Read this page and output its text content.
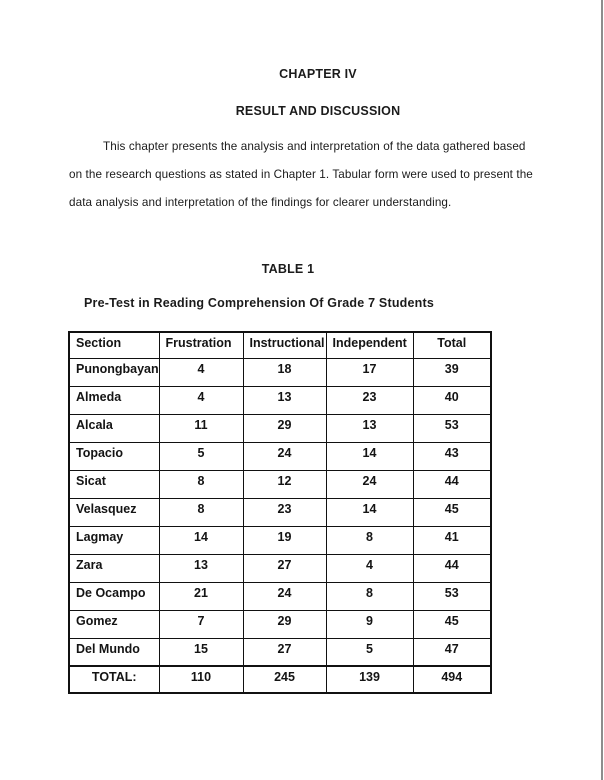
CHAPTER IV
RESULT AND DISCUSSION
This chapter presents the analysis and interpretation of the data gathered based
on the research questions as stated in Chapter 1. Tabular form were used to present the
data analysis and interpretation of the findings for clearer understanding.
TABLE 1
Pre-Test in Reading Comprehension Of Grade 7 Students
Section	Frustration	Instructional	Independent	Total
Punongbayan	4	18	17	39
Almeda	4	13	23	40
Alcala	11	29	13	53
Topacio	5	24	14	43
Sicat	8	12	24	44
Velasquez	8	23	14	45
Lagmay	14	19	8	41
Zara	13	27	4	44
De Ocampo	21	24	8	53
Gomez	7	29	9	45
Del Mundo	15	27	5	47
TOTAL:	110	245	139	494
